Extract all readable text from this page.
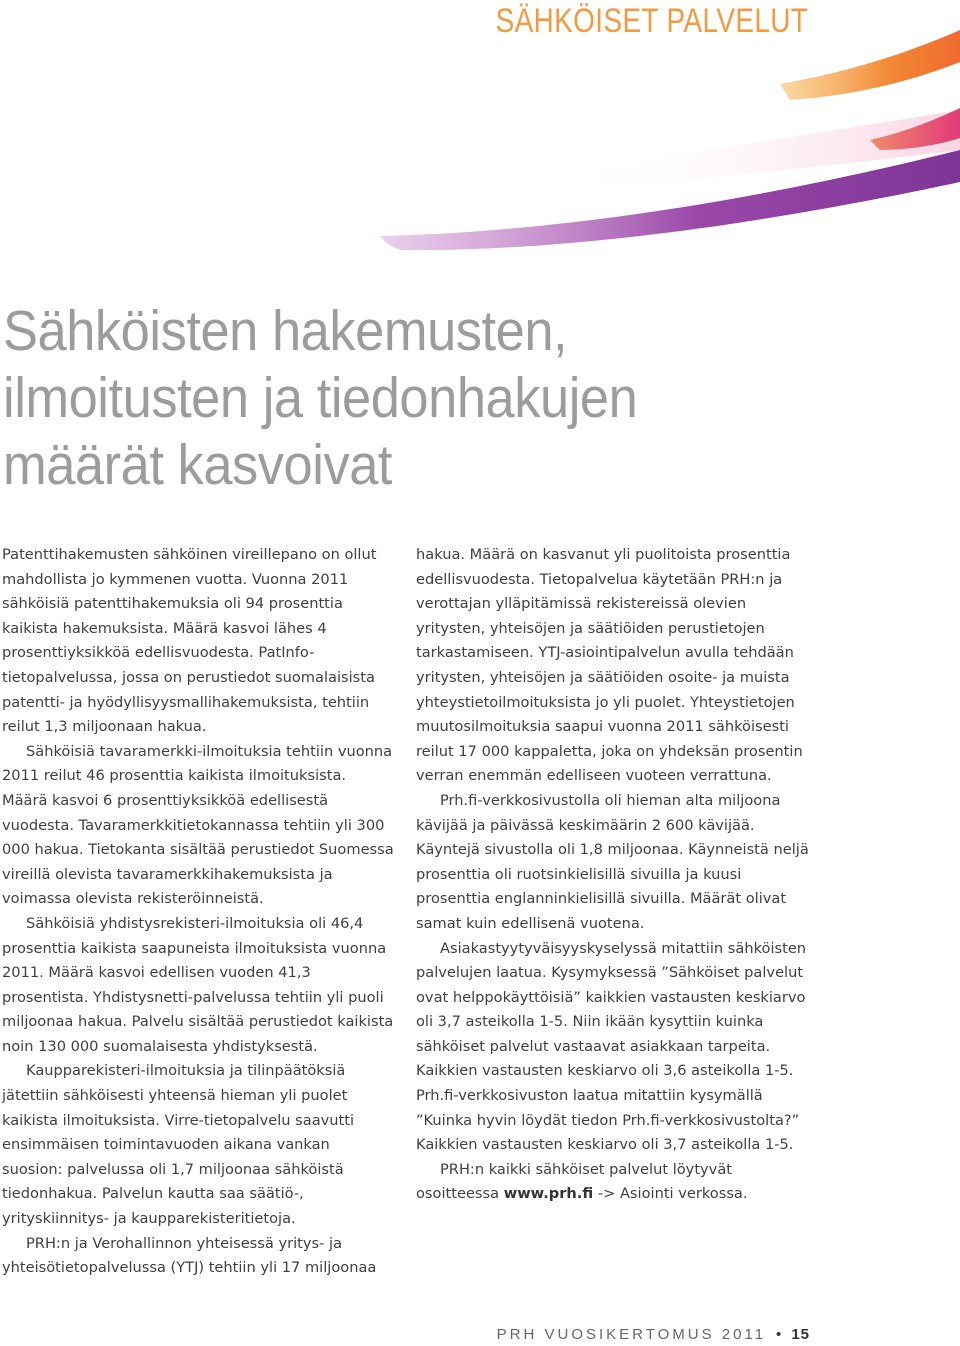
SÄHKÖISET PALVELUT
Sähköisten hakemusten,
ilmoitusten ja tiedonhakujen
määrät kasvoivat

Patenttihakemusten sähköinen vireillepano on ollut mahdollista jo kymmenen vuotta. Vuonna 2011 sähköisiä patenttihakemuksia oli 94 prosenttia kaikista hakemuksista. Määrä kasvoi lähes 4 prosenttiyksikköä edellisvuodesta. PatInfo-tietopalvelussa, jossa on perustiedot suomalaisista patentti- ja hyödyllisyysmallihakemuksista, tehtiin reilut 1,3 miljoonaan hakua.

Sähköisiä tavaramerkki-ilmoituksia tehtiin vuonna 2011 reilut 46 prosenttia kaikista ilmoituksista. Määrä kasvoi 6 prosenttiyksikköä edellisestä vuodesta. Tavaramerkkitietokannassa tehtiin yli 300 000 hakua. Tietokanta sisältää perustiedot Suomessa vireillä olevista tavaramerkkihakemuksista ja voimassa olevista rekisteröinneistä.

Sähköisiä yhdistysrekisteri-ilmoituksia oli 46,4 prosenttia kaikista saapuneista ilmoituksista vuonna 2011. Määrä kasvoi edellisen vuoden 41,3 prosentista. Yhdistysnetti-palvelussa tehtiin yli puoli miljoonaa hakua. Palvelu sisältää perustiedot kaikista noin 130 000 suomalaisesta yhdistyksestä.

Kaupparekisteri-ilmoituksia ja tilinpäätöksiä jätettiin sähköisesti yhteensä hieman yli puolet kaikista ilmoituksista. Virre-tietopalvelu saavutti ensimmäisen toimintavuoden aikana vankan suosion: palvelussa oli 1,7 miljoonaa sähköistä tiedonhakua. Palvelun kautta saa säätiö-, yrityskiinnitys- ja kaupparekisteritietoja.

PRH:n ja Verohallinnon yhteisessä yritys- ja yhteisötietopalvelussa (YTJ) tehtiin yli 17 miljoonaa

hakua. Määrä on kasvanut yli puolitoista prosenttia edellisvuodesta. Tietopalvelua käytetään PRH:n ja verottajan ylläpitämissä rekistereissä olevien yritysten, yhteisöjen ja säätiöiden perustietojen tarkastamiseen. YTJ-asiointipalvelun avulla tehdään yritysten, yhteisöjen ja säätiöiden osoite- ja muista yhteystietoilmoituksista jo yli puolet. Yhteystietojen muutosilmoituksia saapui vuonna 2011 sähköisesti reilut 17 000 kappaletta, joka on yhdeksän prosentin verran enemmän edelliseen vuoteen verrattuna.

Prh.fi-verkkosivustolla oli hieman alta miljoona kävijää ja päivässä keskimäärin 2 600 kävijää. Käyntejä sivustolla oli 1,8 miljoonaa. Käynneistä neljä prosenttia oli ruotsinkielisillä sivuilla ja kuusi prosenttia englanninkielisillä sivuilla. Määrät olivat samat kuin edellisenä vuotena.

Asiakastyytyväisyyskyselyssä mitattiin sähköisten palvelujen laatua. Kysymyksessä ”Sähköiset palvelut ovat helppokäyttöisiä” kaikkien vastausten keskiarvo oli 3,7 asteikolla 1-5. Niin ikään kysyttiin kuinka sähköiset palvelut vastaavat asiakkaan tarpeita. Kaikkien vastausten keskiarvo oli 3,6 asteikolla 1-5. Prh.fi-verkkosivuston laatua mitattiin kysymällä ”Kuinka hyvin löydät tiedon Prh.fi-verkkosivustolta?” Kaikkien vastausten keskiarvo oli 3,7 asteikolla 1-5.

PRH:n kaikki sähköiset palvelut löytyvät osoitteessa www.prh.fi -> Asiointi verkossa.

PRH VUOSIKERTOMUS 2011 • 15
